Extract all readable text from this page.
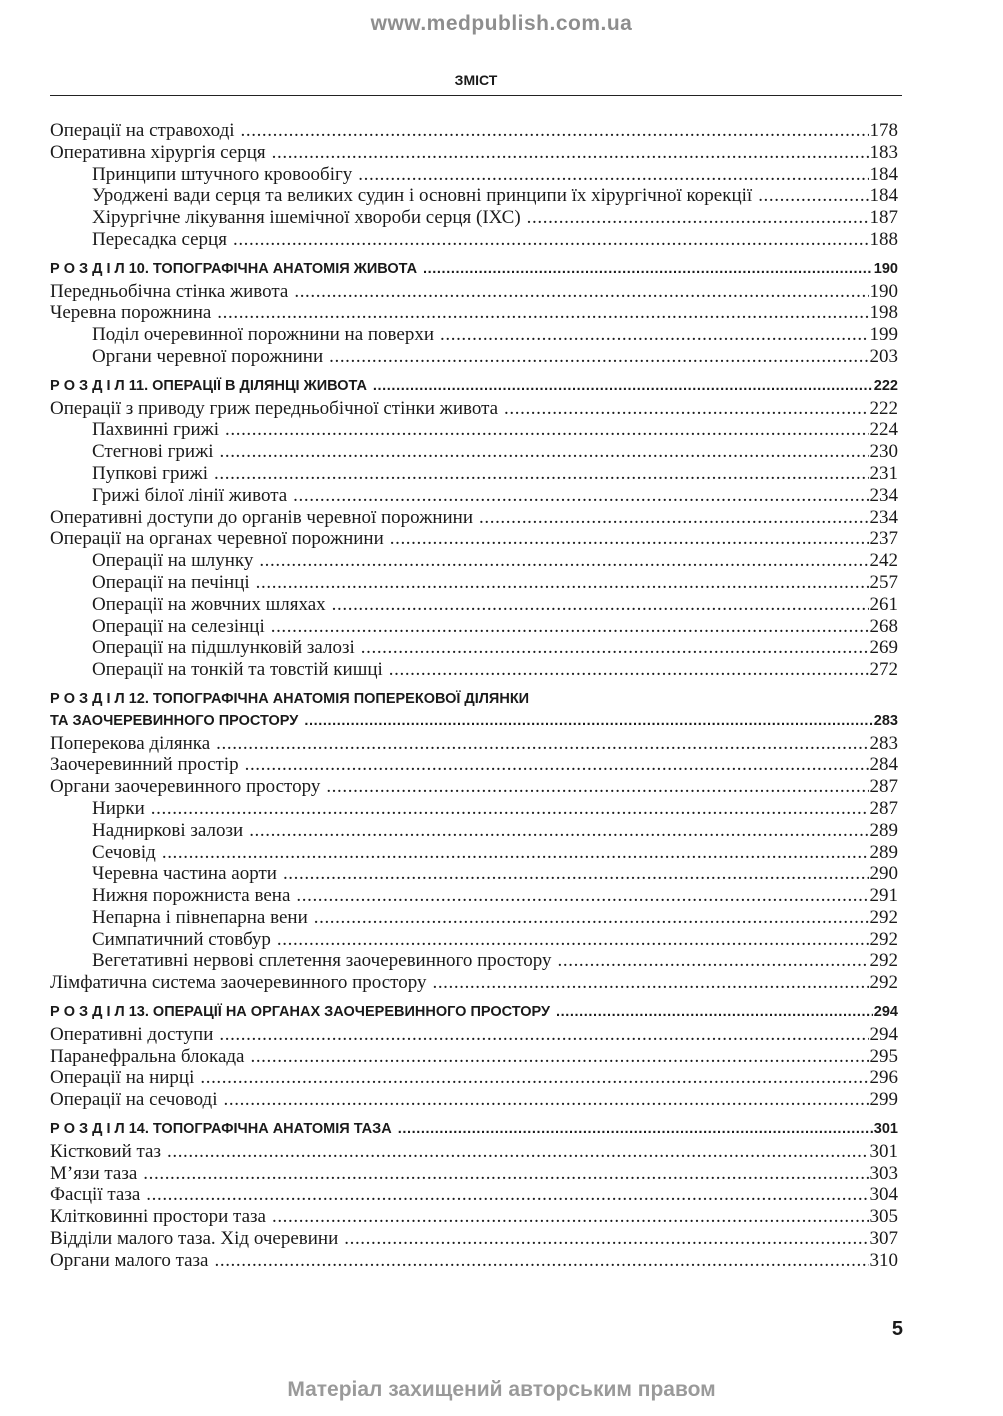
www.medpublish.com.ua
ЗМІСТ
Операції на стравоході .....	178
Оперативна хірургія серця .....	183
Принципи штучного кровообігу .....	184
Уроджені вади серця та великих судин і основні принципи їх хірургічної корекції .....	184
Хірургічне лікування ішемічної хвороби серця (ІХС) .....	187
Пересадка серця .....	188
Р О З Д І Л 10. ТОПОГРАФІЧНА АНАТОМІЯ ЖИВОТА .....	190
Передньобічна стінка живота .....	190
Черевна порожнина .....	198
Поділ очеревинної порожнини на поверхи .....	199
Органи черевної порожнини .....	203
Р О З Д І Л 11. ОПЕРАЦІЇ В ДІЛЯНЦІ ЖИВОТА .....	222
Операції з приводу гриж передньобічної стінки живота .....	222
Пахвинні грижі .....	224
Стегнові грижі .....	230
Пупкові грижі .....	231
Грижі білої лінії живота .....	234
Оперативні доступи до органів черевної порожнини .....	234
Операції на органах черевної порожнини .....	237
Операції на шлунку .....	242
Операції на печінці .....	257
Операції на жовчних шляхах .....	261
Операції на селезінці .....	268
Операції на підшлунковій залозі .....	269
Операції на тонкій та товстій кишці .....	272
Р О З Д І Л 12. ТОПОГРАФІЧНА АНАТОМІЯ ПОПЕРЕКОВОЇ ДІЛЯНКИ
ТА ЗАОЧЕРЕВИННОГО ПРОСТОРУ .....	283
Поперекова ділянка .....	283
Заочеревинний простір .....	284
Органи заочеревинного простору .....	287
Нирки .....	287
Надниркові залози .....	289
Сечовід .....	289
Черевна частина аорти .....	290
Нижня порожниста вена .....	291
Непарна і півнепарна вени .....	292
Симпатичний стовбур .....	292
Вегетативні нервові сплетення заочеревинного простору .....	292
Лімфатична система заочеревинного простору .....	292
Р О З Д І Л 13. ОПЕРАЦІЇ НА ОРГАНАХ ЗАОЧЕРЕВИННОГО ПРОСТОРУ .....	294
Оперативні доступи .....	294
Паранефральна блокада .....	295
Операції на нирці .....	296
Операції на сечоводі .....	299
Р О З Д І Л 14. ТОПОГРАФІЧНА АНАТОМІЯ ТАЗА .....	301
Кістковий таз .....	301
М’язи таза .....	303
Фасції таза .....	304
Клітковинні простори таза .....	305
Відділи малого таза. Хід очеревини .....	307
Органи малого таза .....	310
5
Матеріал захищений авторським правом
